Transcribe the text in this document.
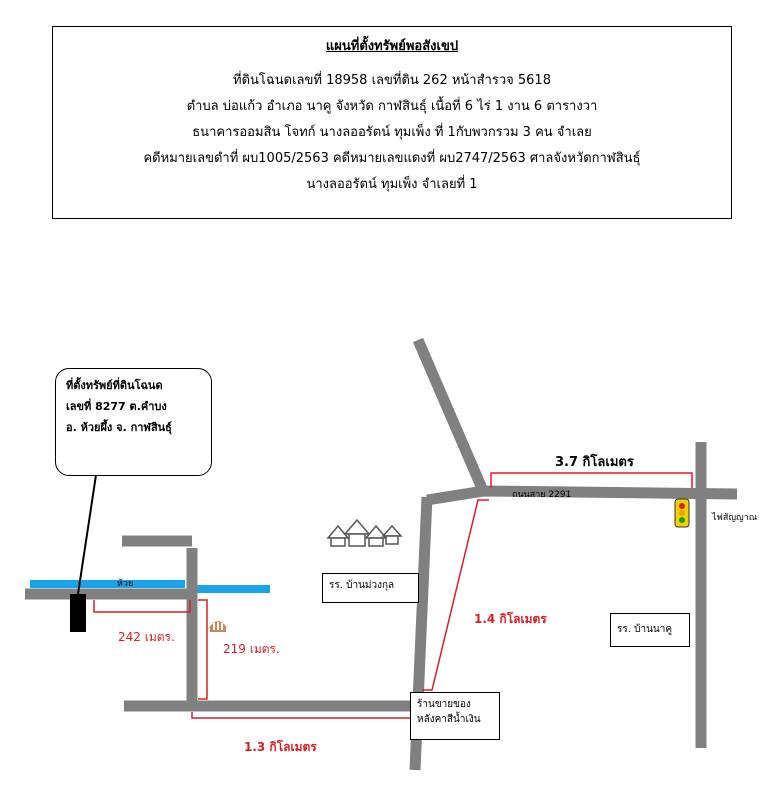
แผนที่ตั้งทรัพย์พอสังเขป
ที่ดินโฉนดเลขที่ 18958 เลขที่ดิน 262 หน้าสำรวจ 5618
ตำบล บ่อแก้ว อำเภอ นาคู จังหวัด กาฬสินธุ์ เนื้อที่ 6 ไร่ 1 งาน 6 ตารางวา
ธนาคารออมสิน โจทก์ นางลออรัตน์ ทุมเพ็ง ที่ 1กับพวกรวม 3 คน จำเลย
คดีหมายเลขดำที่ ผบ1005/2563 คดีหมายเลขแดงที่ ผบ2747/2563 ศาลจังหวัดกาฬสินธุ์
นางลออรัตน์ ทุมเพ็ง จำเลยที่ 1
ที่ตั้งทรัพย์ที่ดินโฉนด
เลขที่ 8277 ต.คำบง
อ. ห้วยผึ้ง จ. กาฬสินธุ์
ห้วย
ถนนสาย 2291
ไฟสัญญาณ
3.7 กิโลเมตร
1.4 กิโลเมตร
1.3 กิโลเมตร
242 เมตร.
219 เมตร.
รร. บ้านม่วงกุล
รร. บ้านนาคู
ร้านขายของ
หลังคาสีน้ำเงิน
